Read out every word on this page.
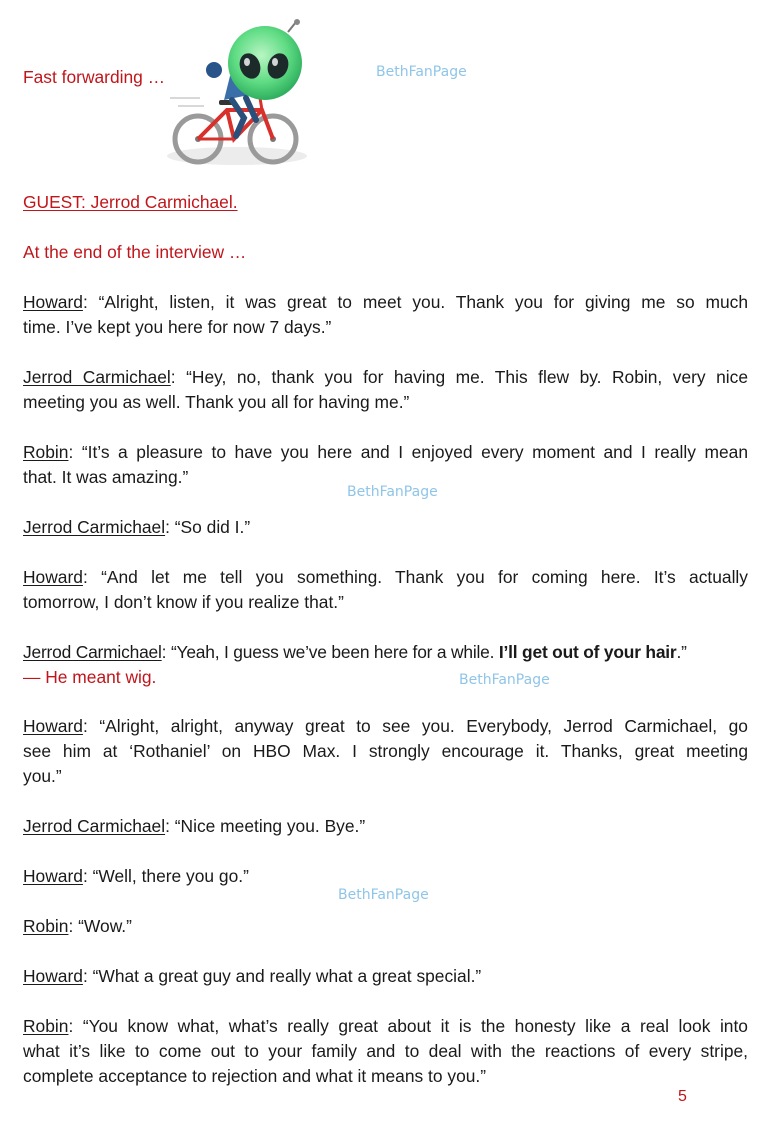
Fast forwarding …	BethFanPage
GUEST: Jerrod Carmichael.
At the end of the interview …
Howard: “Alright, listen, it was great to meet you. Thank you for giving me so much
time. I’ve kept you here for now 7 days.”
Jerrod Carmichael: “Hey, no, thank you for having me. This flew by. Robin, very nice
meeting you as well. Thank you all for having me.”
Robin: “It’s a pleasure to have you here and I enjoyed every moment and I really mean
that. It was amazing.”
BethFanPage
Jerrod Carmichael: “So did I.”
Howard: “And let me tell you something. Thank you for coming here. It’s actually
tomorrow, I don’t know if you realize that.”
Jerrod Carmichael: “Yeah, I guess we’ve been here for a while. I’ll get out of your hair.”
— He meant wig.	BethFanPage
Howard: “Alright, alright, anyway great to see you. Everybody, Jerrod Carmichael, go
see him at ‘Rothaniel’ on HBO Max. I strongly encourage it. Thanks, great meeting
you.”
Jerrod Carmichael: “Nice meeting you. Bye.”
Howard: “Well, there you go.”
BethFanPage
Robin: “Wow.”
Howard: “What a great guy and really what a great special.”
Robin: “You know what, what’s really great about it is the honesty like a real look into
what it’s like to come out to your family and to deal with the reactions of every stripe,
complete acceptance to rejection and what it means to you.”
5
